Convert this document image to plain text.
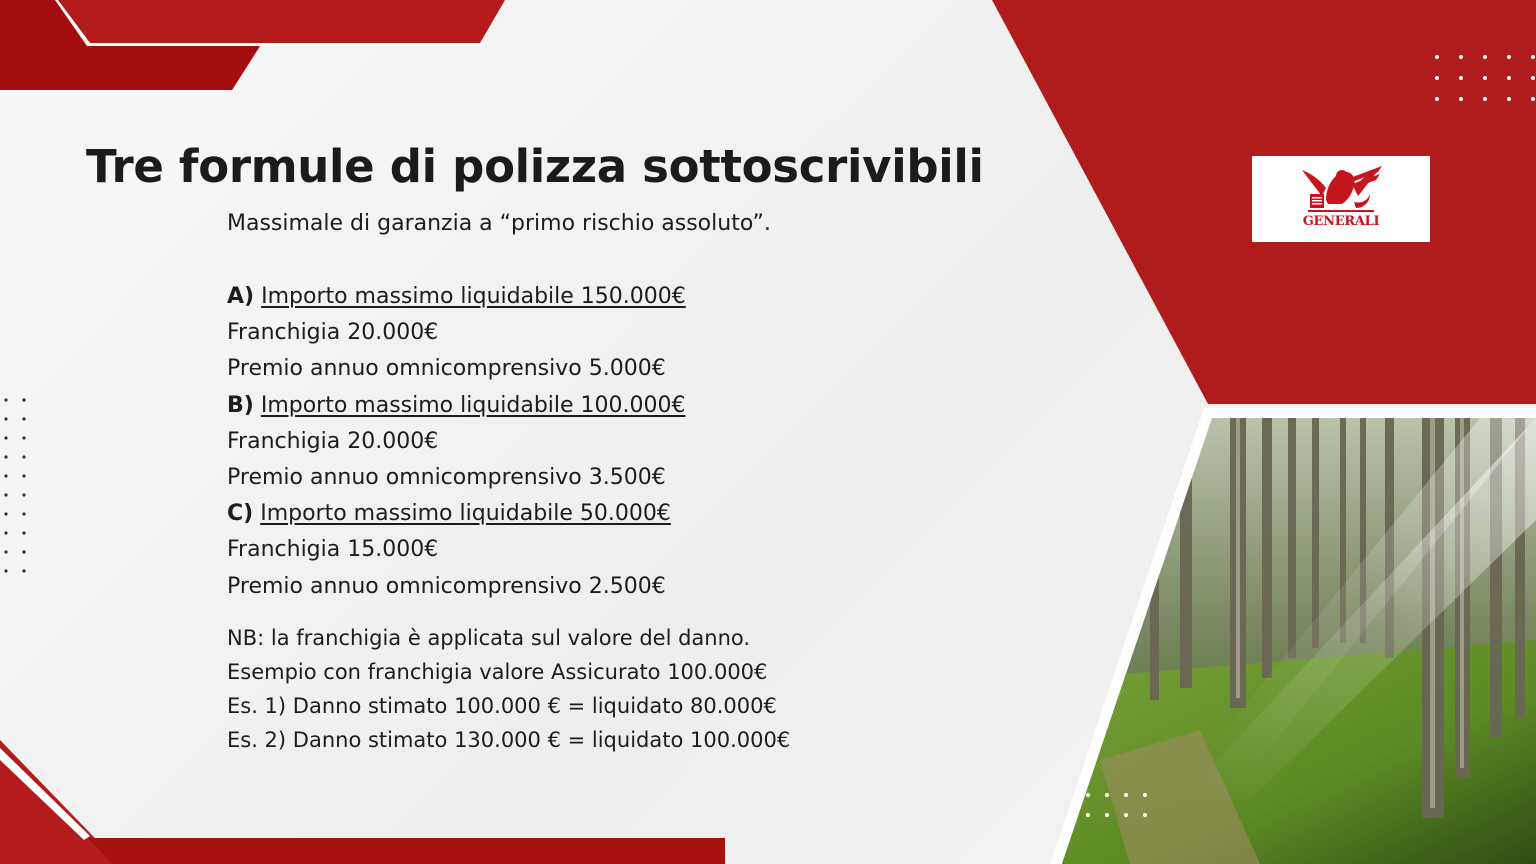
Tre formule di polizza sottoscrivibili
Massimale di garanzia a “primo rischio assoluto”.
A) Importo massimo liquidabile 150.000€
Franchigia 20.000€
Premio annuo omnicomprensivo 5.000€
B) Importo massimo liquidabile 100.000€
Franchigia 20.000€
Premio annuo omnicomprensivo 3.500€
C) Importo massimo liquidabile 50.000€
Franchigia 15.000€
Premio annuo omnicomprensivo 2.500€
NB: la franchigia è applicata sul valore del danno.
Esempio con franchigia valore Assicurato 100.000€
Es. 1) Danno stimato 100.000 € = liquidato 80.000€
Es. 2) Danno stimato 130.000 € = liquidato 100.000€
GENERALI
